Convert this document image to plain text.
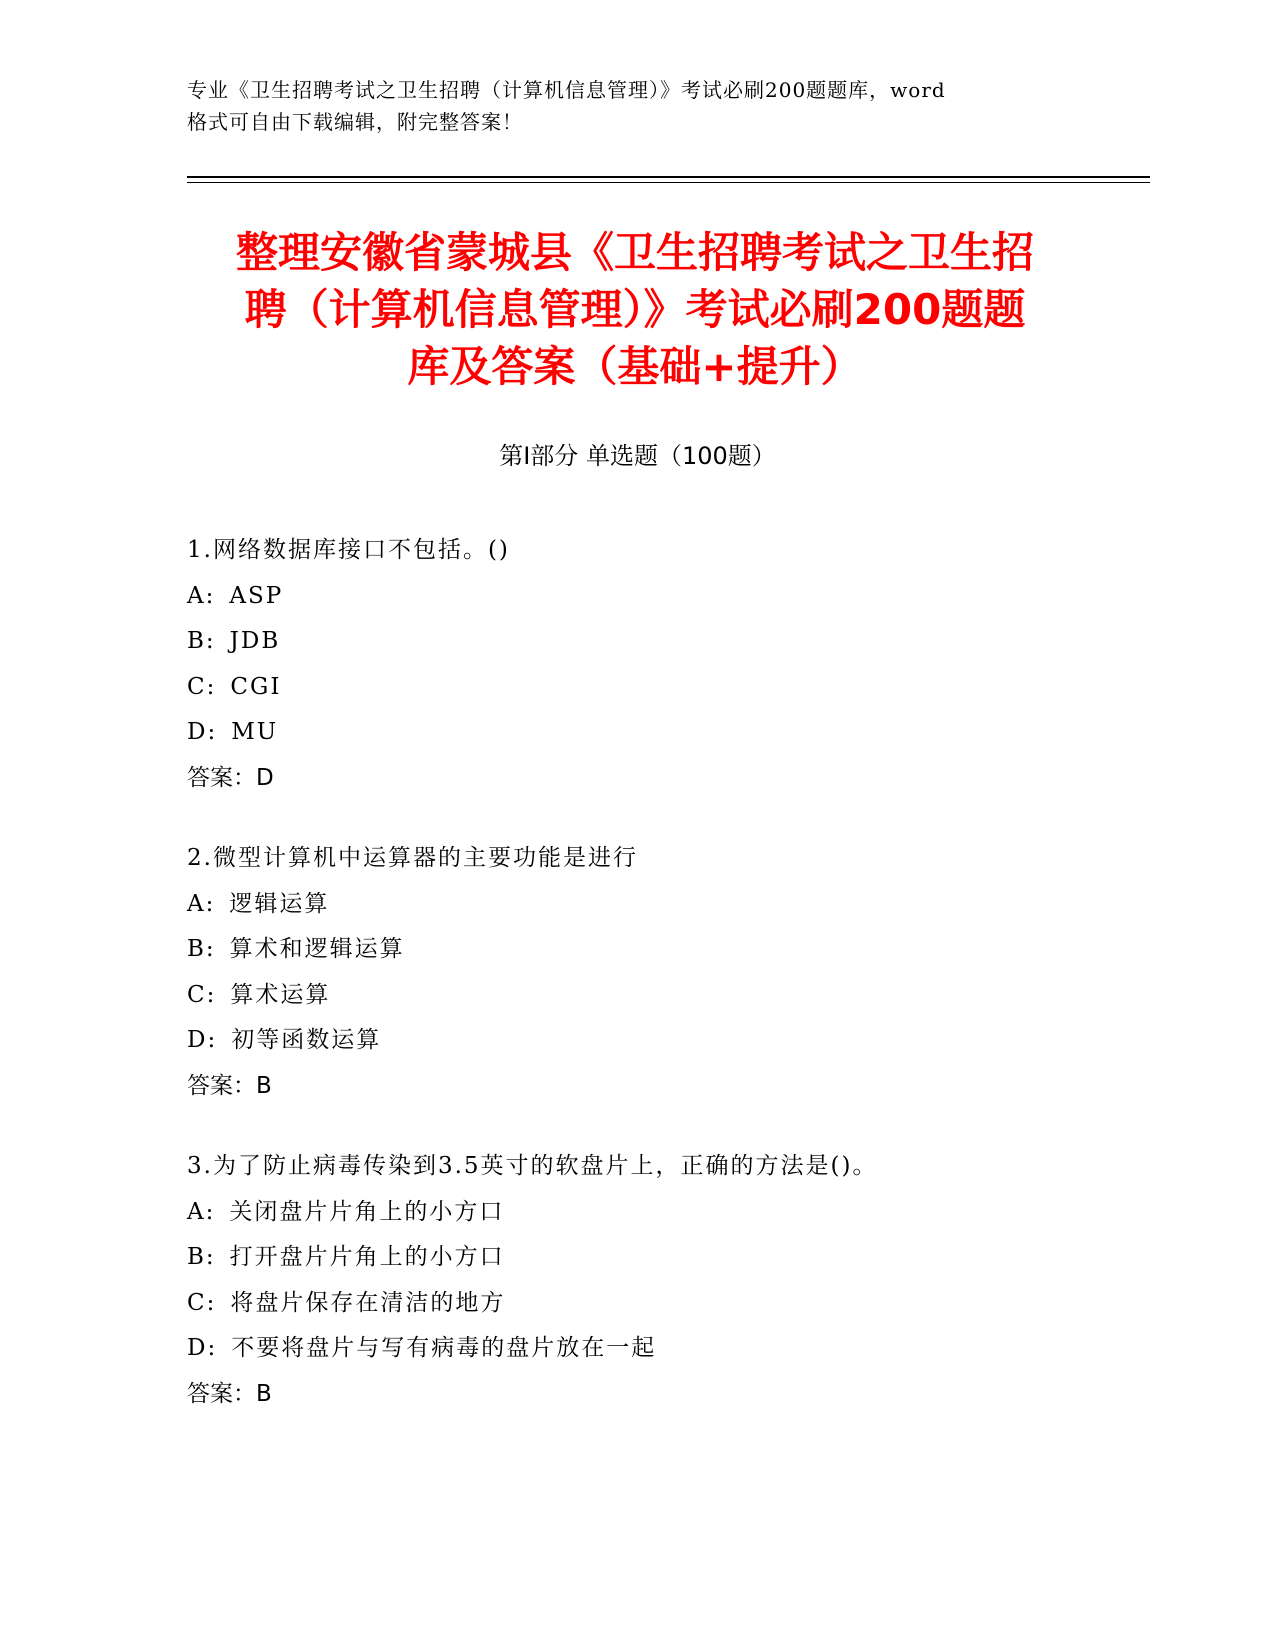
专业《卫生招聘考试之卫生招聘（计算机信息管理）》考试必刷200题题库，word
格式可自由下载编辑，附完整答案！
整理安徽省蒙城县《卫生招聘考试之卫生招
聘（计算机信息管理）》考试必刷200题题
库及答案（基础+提升）
第Ⅰ部分 单选题（100题）
1.网络数据库接口不包括。()
A: ASP
B: JDB
C: CGI
D: MU
答案：D
2.微型计算机中运算器的主要功能是进行
A: 逻辑运算
B: 算术和逻辑运算
C: 算术运算
D: 初等函数运算
答案：B
3.为了防止病毒传染到3.5英寸的软盘片上，正确的方法是()。
A: 关闭盘片片角上的小方口
B: 打开盘片片角上的小方口
C: 将盘片保存在清洁的地方
D: 不要将盘片与写有病毒的盘片放在一起
答案：B
